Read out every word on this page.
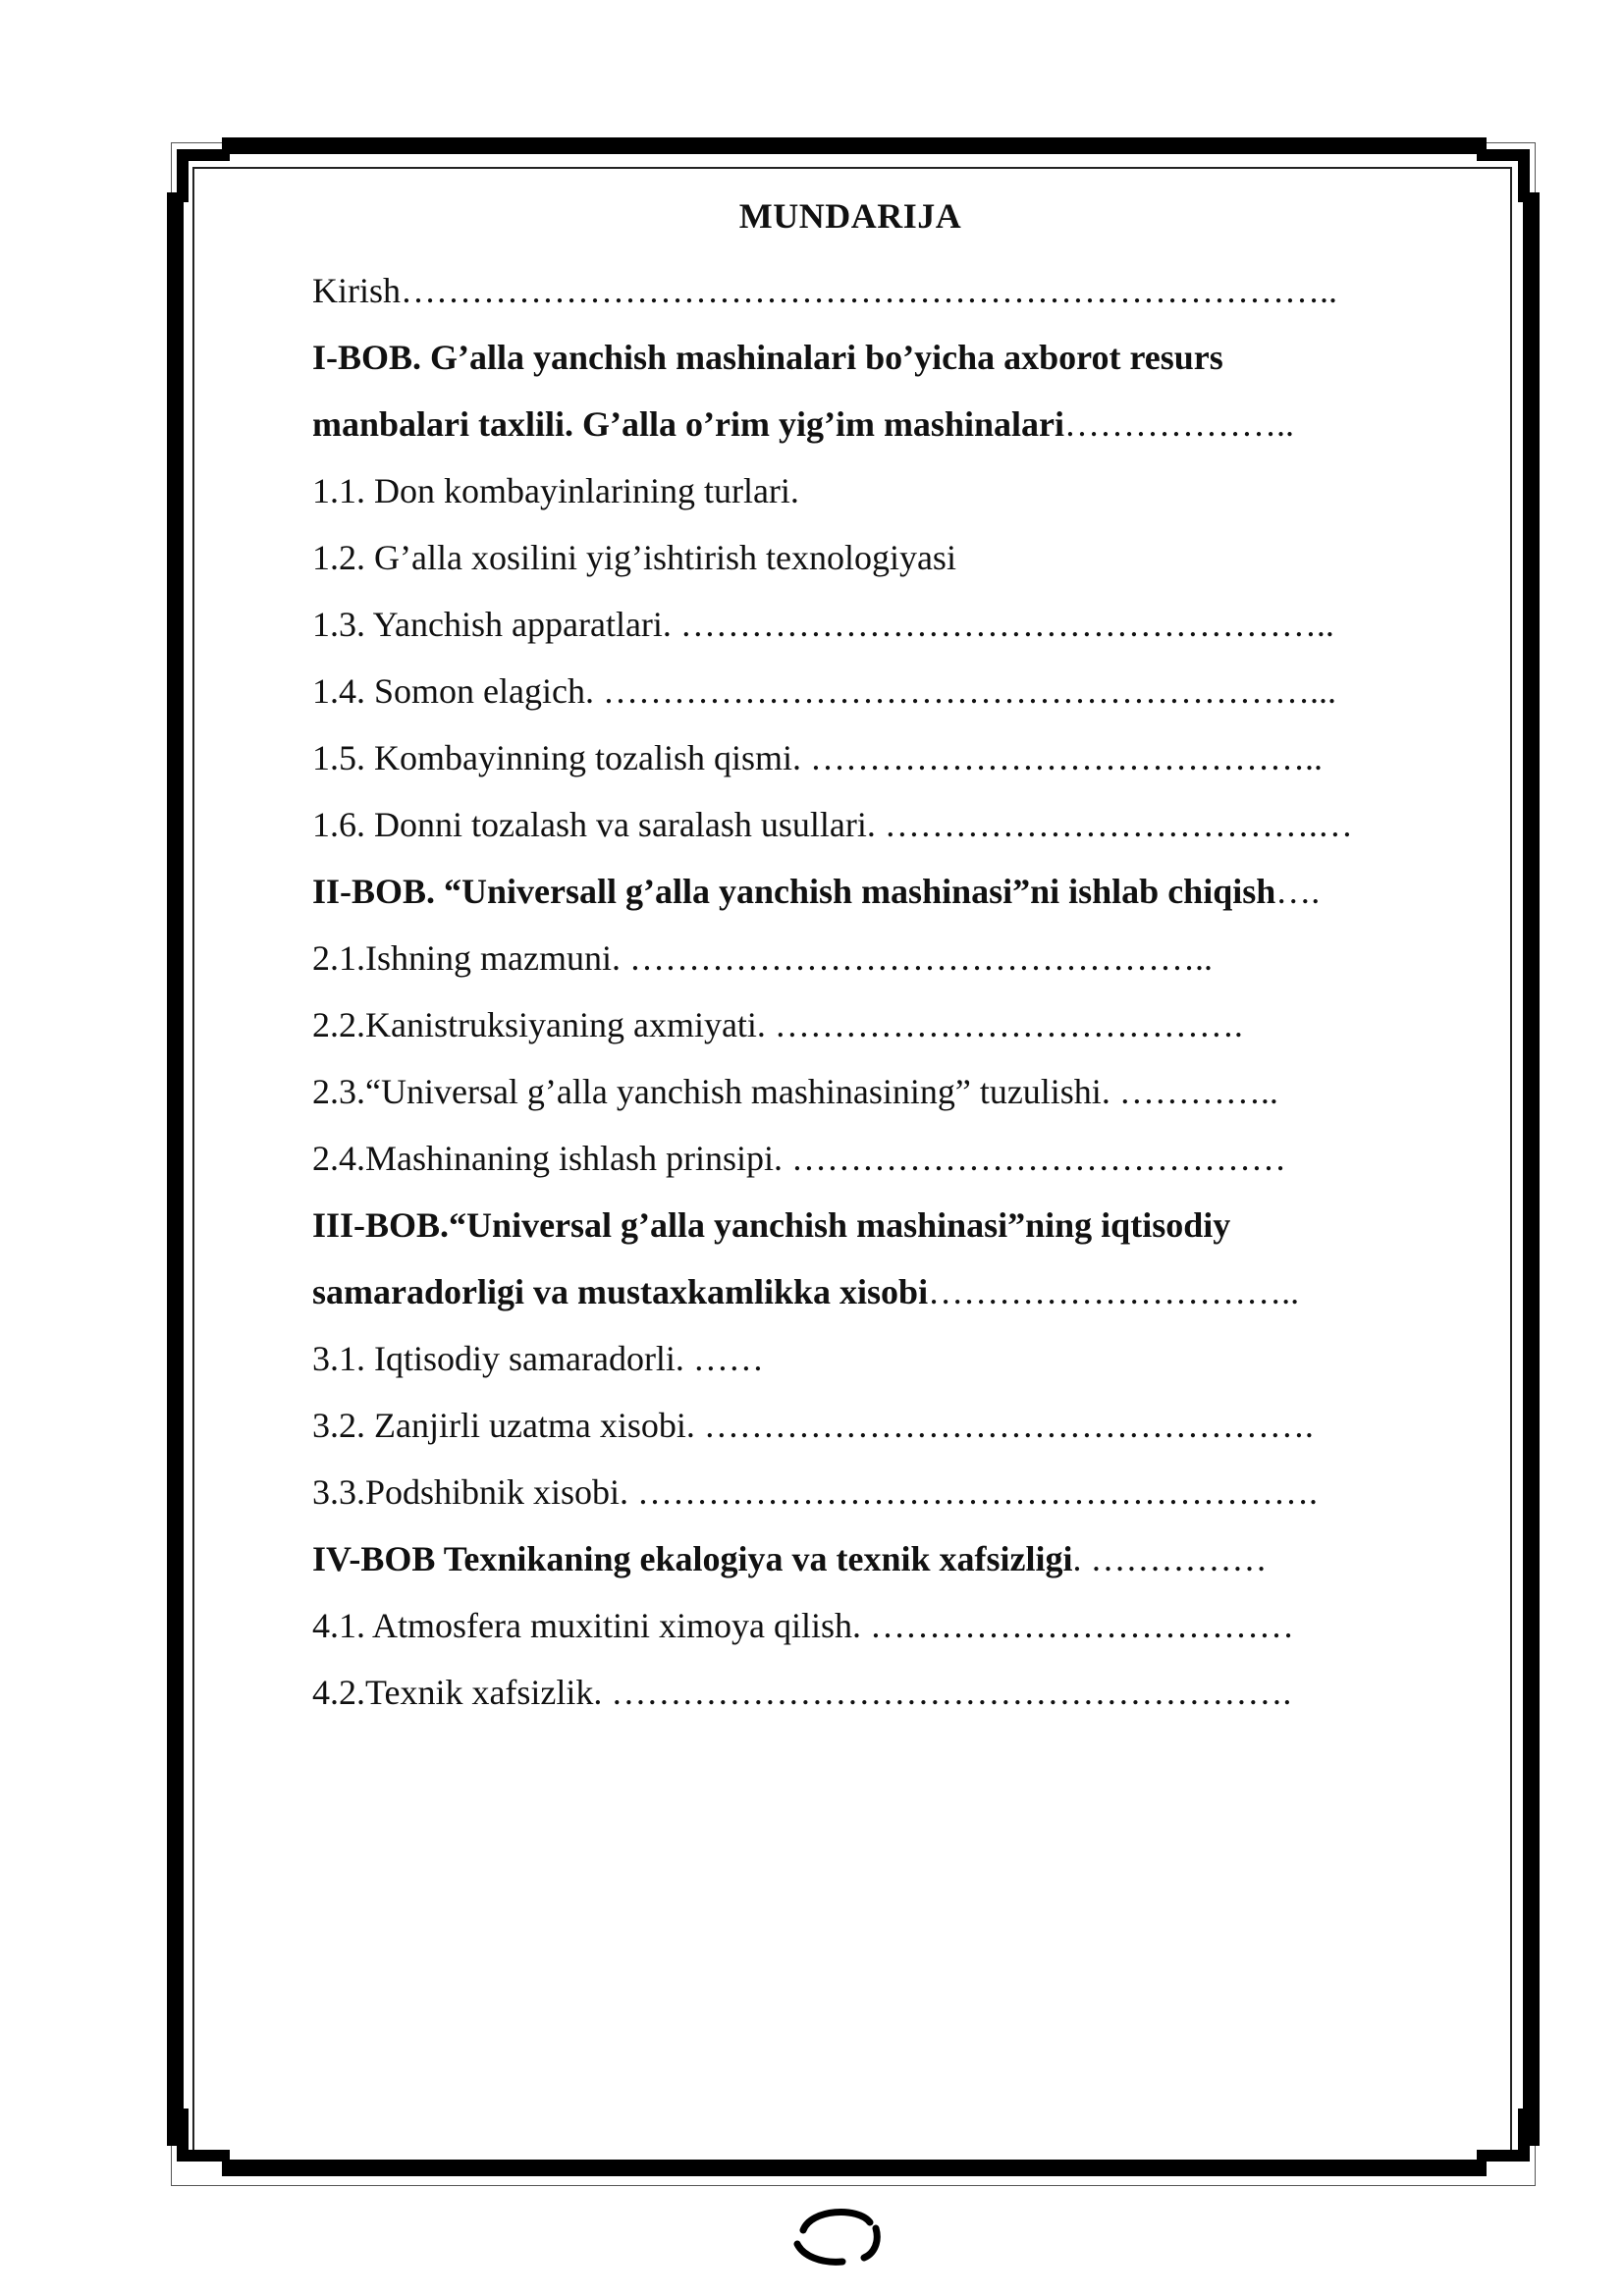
MUNDARIJA
Kirish……………………………………………………………………..
I-BOB. G’alla yanchish mashinalari bo’yicha axborot resurs
manbalari taxlili. G’alla o’rim yig’im mashinalari………………..
1.1. Don kombayinlarining turlari.
1.2. G’alla xosilini yig’ishtirish texnologiyasi
1.3. Yanchish apparatlari. ………………………………………………..
1.4. Somon elagich. ……………………………………………………...
1.5. Kombayinning tozalish qismi. ……………………………………..
1.6. Donni tozalash va saralash usullari. ……………………………….…
II-BOB. “Universall g’alla yanchish mashinasi”ni ishlab chiqish….
2.1.Ishning mazmuni. …………………………………………..
2.2.Kanistruksiyaning axmiyati. ………………………………….
2.3.“Universal g’alla yanchish mashinasining” tuzulishi. …………..
2.4.Mashinaning ishlash prinsipi. ……………………………………
III-BOB.“Universal g’alla yanchish mashinasi”ning iqtisodiy
samaradorligi va mustaxkamlikka xisobi…………………………..
3.1. Iqtisodiy samaradorli. ……
3.2. Zanjirli uzatma xisobi. …………………………………………….
3.3.Podshibnik xisobi. ………………………………………………….
IV-BOB Texnikaning ekalogiya va texnik xafsizligi. ……………
4.1. Atmosfera muxitini ximoya qilish. ………………………………
4.2.Texnik xafsizlik. ………………………………………………….
